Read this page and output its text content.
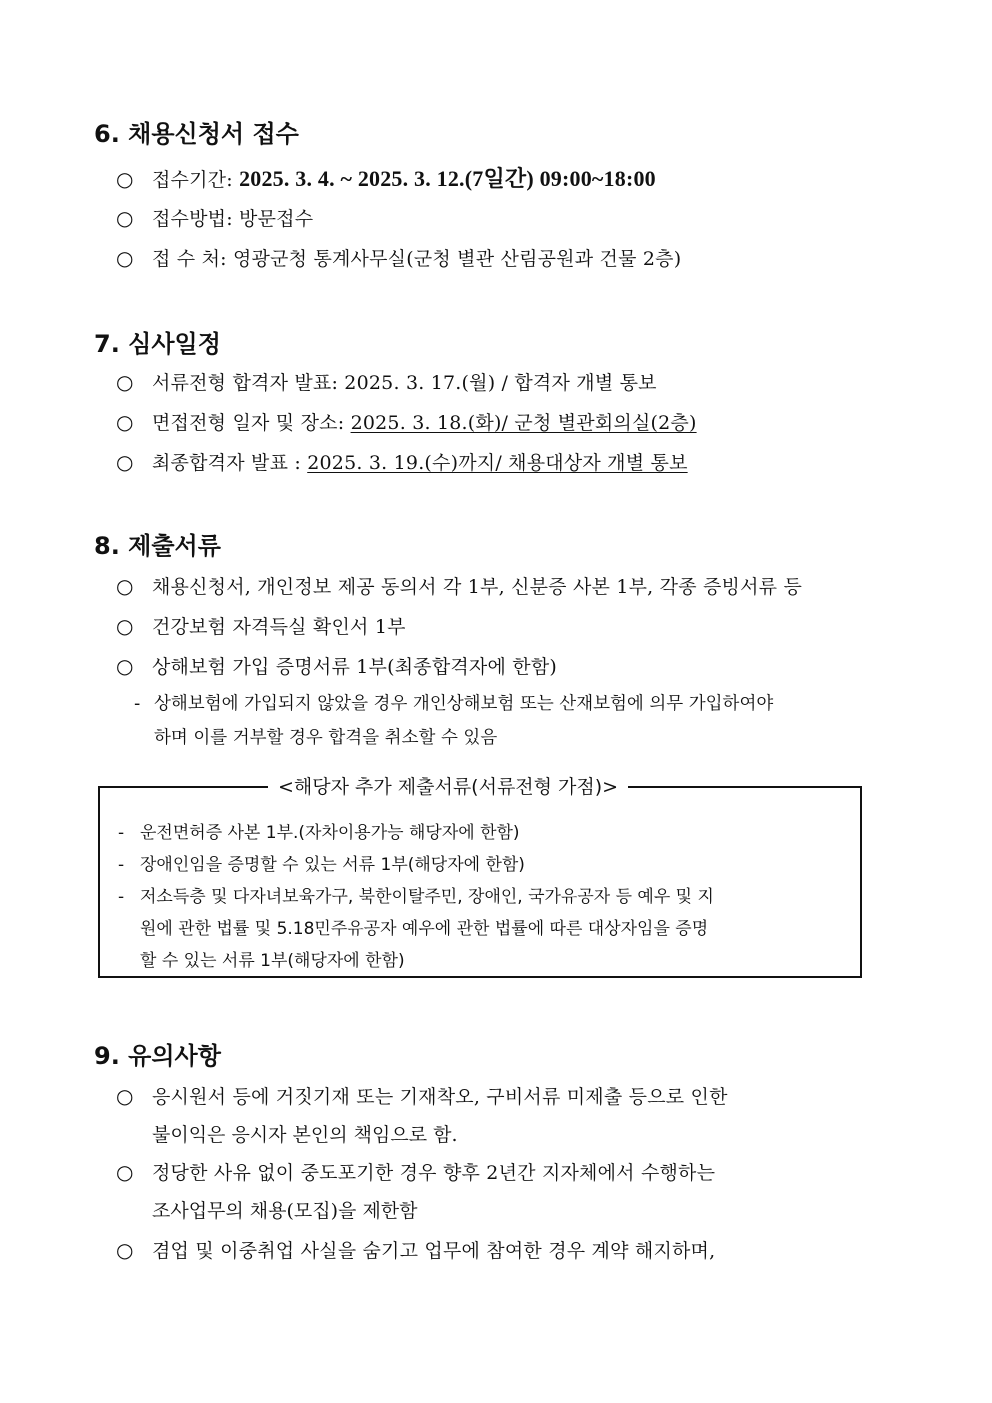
6. 채용신청서 접수
○ 접수기간: 2025. 3. 4. ~ 2025. 3. 12.(7일간) 09:00~18:00
○ 접수방법: 방문접수
○ 접 수 처: 영광군청 통계사무실(군청 별관 산림공원과 건물 2층)
7. 심사일정
○ 서류전형 합격자 발표: 2025. 3. 17.(월) / 합격자 개별 통보
○ 면접전형 일자 및 장소: 2025. 3. 18.(화)/ 군청 별관회의실(2층)
○ 최종합격자 발표 : 2025. 3. 19.(수)까지/ 채용대상자 개별 통보
8. 제출서류
○ 채용신청서, 개인정보 제공 동의서 각 1부, 신분증 사본 1부, 각종 증빙서류 등
○ 건강보험 자격득실 확인서 1부
○ 상해보험 가입 증명서류 1부(최종합격자에 한함)
- 상해보험에 가입되지 않았을 경우 개인상해보험 또는 산재보험에 의무 가입하여야
하며 이를 거부할 경우 합격을 취소할 수 있음
<해당자 추가 제출서류(서류전형 가점)>
- 운전면허증 사본 1부.(자차이용가능 해당자에 한함)
- 장애인임을 증명할 수 있는 서류 1부(해당자에 한함)
- 저소득층 및 다자녀보육가구, 북한이탈주민, 장애인, 국가유공자 등 예우 및 지
원에 관한 법률 및 5.18민주유공자 예우에 관한 법률에 따른 대상자임을 증명
할 수 있는 서류 1부(해당자에 한함)
9. 유의사항
○ 응시원서 등에 거짓기재 또는 기재착오, 구비서류 미제출 등으로 인한
불이익은 응시자 본인의 책임으로 함.
○ 정당한 사유 없이 중도포기한 경우 향후 2년간 지자체에서 수행하는
조사업무의 채용(모집)을 제한함
○ 겸업 및 이중취업 사실을 숨기고 업무에 참여한 경우 계약 해지하며,
